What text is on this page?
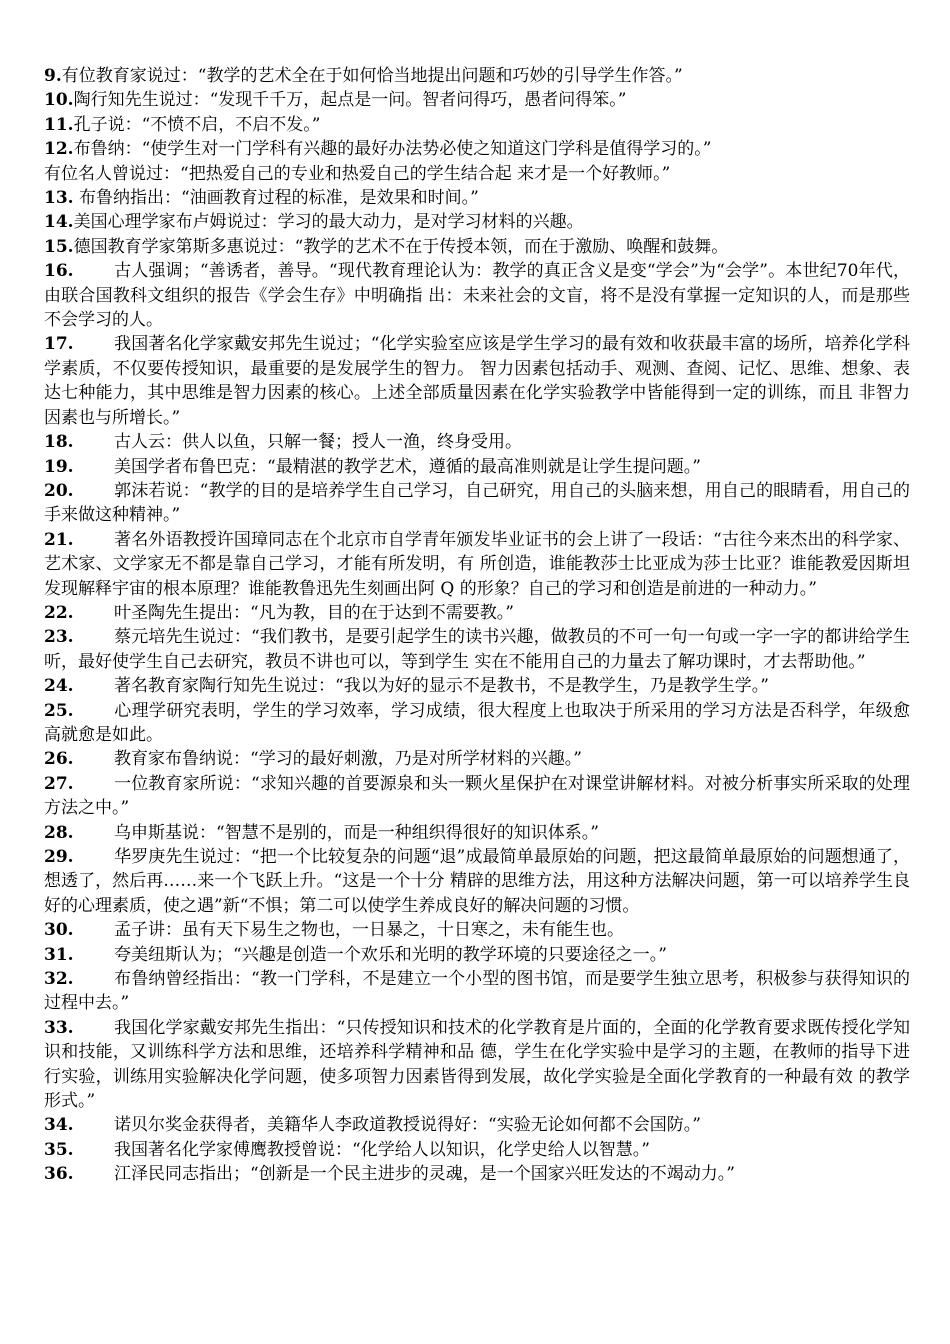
9.有位教育家说过：“教学的艺术全在于如何恰当地提出问题和巧妙的引导学生作答。”

10.陶行知先生说过：“发现千千万，起点是一问。智者问得巧，愚者问得笨。”

11.孔子说：“不愤不启，不启不发。”

12.布鲁纳：“使学生对一门学科有兴趣的最好办法势必使之知道这门学科是值得学习的。”

有位名人曾说过：“把热爱自己的专业和热爱自己的学生结合起 来才是一个好教师。”

13. 布鲁纳指出：“油画教育过程的标准，是效果和时间。”

14.美国心理学家布卢姆说过：学习的最大动力，是对学习材料的兴趣。

15.德国教育学家第斯多惠说过：“教学的艺术不在于传授本领，而在于激励、唤醒和鼓舞。

16. 古人强调；“善诱者，善导。“现代教育理论认为：教学的真正含义是变“学会”为“会学”。本世纪70年代，由联合国教科文组织的报告《学会生存》中明确指 出：未来社会的文盲，将不是没有掌握一定知识的人，而是那些不会学习的人。

17. 我国著名化学家戴安邦先生说过；“化学实验室应该是学生学习的最有效和收获最丰富的场所，培养化学科学素质，不仅要传授知识，最重要的是发展学生的智力。 智力因素包括动手、观测、查阅、记忆、思维、想象、表达七种能力，其中思维是智力因素的核心。上述全部质量因素在化学实验教学中皆能得到一定的训练，而且 非智力因素也与所增长。”

18. 古人云：供人以鱼，只解一餐；授人一渔，终身受用。

19. 美国学者布鲁巴克：“最精湛的教学艺术，遵循的最高准则就是让学生提问题。”

20. 郭沫若说：“教学的目的是培养学生自己学习，自己研究，用自己的头脑来想，用自己的眼睛看，用自己的手来做这种精神。”

21. 著名外语教授许国璋同志在个北京市自学青年颁发毕业证书的会上讲了一段话：“古往今来杰出的科学家、艺术家、文学家无不都是靠自己学习，才能有所发明，有 所创造，谁能教莎士比亚成为莎士比亚？谁能教爱因斯坦发现解释宇宙的根本原理？谁能教鲁迅先生刻画出阿 Q 的形象？自己的学习和创造是前进的一种动力。”

22. 叶圣陶先生提出：“凡为教，目的在于达到不需要教。”

23. 蔡元培先生说过：“我们教书，是要引起学生的读书兴趣，做教员的不可一句一句或一字一字的都讲给学生听，最好使学生自己去研究，教员不讲也可以，等到学生 实在不能用自己的力量去了解功课时，才去帮助他。”

24. 著名教育家陶行知先生说过：“我以为好的显示不是教书，不是教学生，乃是教学生学。”

25. 心理学研究表明，学生的学习效率，学习成绩，很大程度上也取决于所采用的学习方法是否科学，年级愈高就愈是如此。

26. 教育家布鲁纳说：“学习的最好刺激，乃是对所学材料的兴趣。”

27. 一位教育家所说：“求知兴趣的首要源泉和头一颗火星保护在对课堂讲解材料。对被分析事实所采取的处理方法之中。”

28. 乌申斯基说：“智慧不是别的，而是一种组织得很好的知识体系。”

29. 华罗庚先生说过：“把一个比较复杂的问题“退”成最简单最原始的问题，把这最简单最原始的问题想通了，想透了，然后再……来一个飞跃上升。“这是一个十分 精辟的思维方法，用这种方法解决问题，第一可以培养学生良好的心理素质，使之遇”新“不惧；第二可以使学生养成良好的解决问题的习惯。

30. 孟子讲：虽有天下易生之物也，一日暴之，十日寒之，未有能生也。

31. 夸美纽斯认为；“兴趣是创造一个欢乐和光明的教学环境的只要途径之一。”

32. 布鲁纳曾经指出：“教一门学科，不是建立一个小型的图书馆，而是要学生独立思考，积极参与获得知识的过程中去。”

33. 我国化学家戴安邦先生指出：“只传授知识和技术的化学教育是片面的，全面的化学教育要求既传授化学知识和技能，又训练科学方法和思维，还培养科学精神和品 德，学生在化学实验中是学习的主题，在教师的指导下进行实验，训练用实验解决化学问题，使多项智力因素皆得到发展，故化学实验是全面化学教育的一种最有效 的教学形式。”

34. 诺贝尔奖金获得者，美籍华人李政道教授说得好：“实验无论如何都不会国防。”

35. 我国著名化学家傅鹰教授曾说：“化学给人以知识，化学史给人以智慧。”

36. 江泽民同志指出；“创新是一个民主进步的灵魂，是一个国家兴旺发达的不竭动力。”
